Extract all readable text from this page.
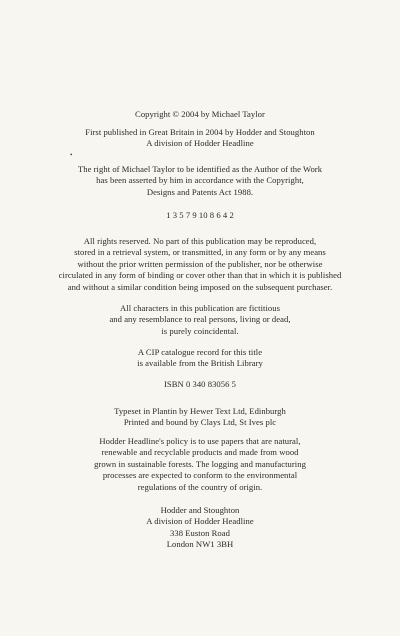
Copyright © 2004 by Michael Taylor
First published in Great Britain in 2004 by Hodder and Stoughton
A division of Hodder Headline
•
The right of Michael Taylor to be identified as the Author of the Work
has been asserted by him in accordance with the Copyright,
Designs and Patents Act 1988.
1 3 5 7 9 10 8 6 4 2
All rights reserved. No part of this publication may be reproduced,
stored in a retrieval system, or transmitted, in any form or by any means
without the prior written permission of the publisher, nor be otherwise
circulated in any form of binding or cover other than that in which it is published
and without a similar condition being imposed on the subsequent purchaser.
All characters in this publication are fictitious
and any resemblance to real persons, living or dead,
is purely coincidental.
A CIP catalogue record for this title
is available from the British Library
ISBN 0 340 83056 5
Typeset in Plantin by Hewer Text Ltd, Edinburgh
Printed and bound by Clays Ltd, St Ives plc
Hodder Headline's policy is to use papers that are natural,
renewable and recyclable products and made from wood
grown in sustainable forests. The logging and manufacturing
processes are expected to conform to the environmental
regulations of the country of origin.
Hodder and Stoughton
A division of Hodder Headline
338 Euston Road
London NW1 3BH
